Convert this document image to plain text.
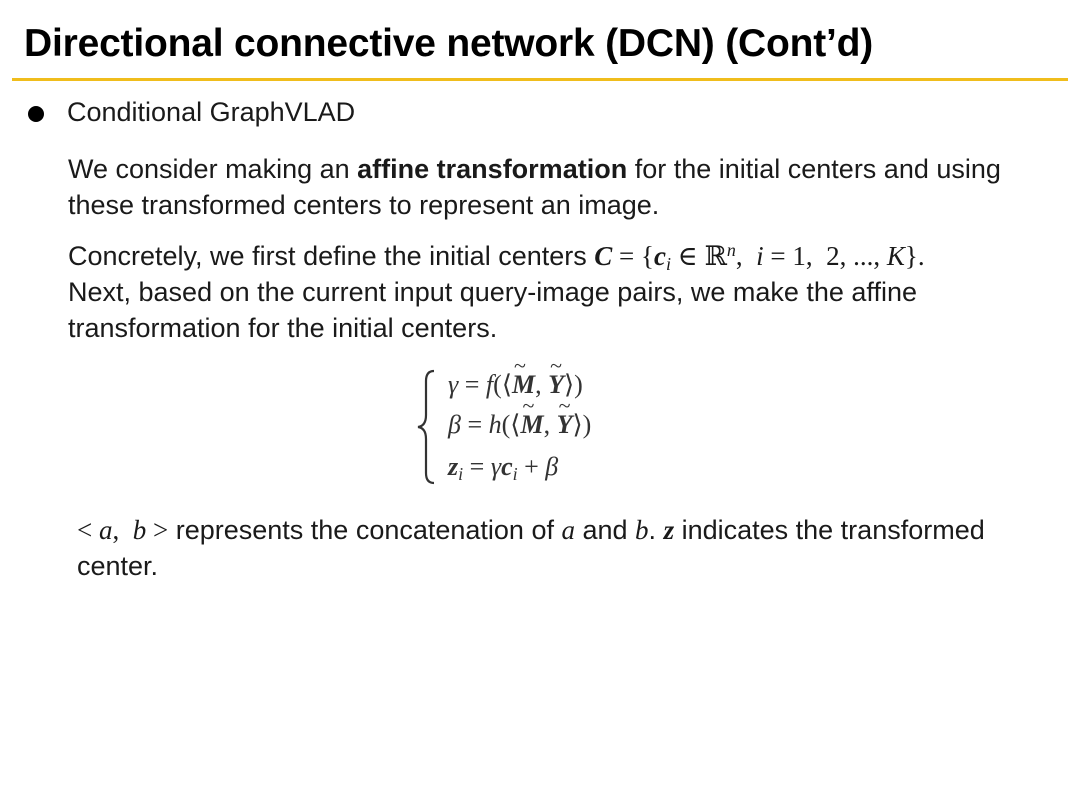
Directional connective network (DCN) (Cont’d)
Conditional GraphVLAD
We consider making an affine transformation for the initial centers and using these transformed centers to represent an image.
Concretely, we first define the initial centers $C = \{c_i$ ∈ ℝ$^n$,  i = 1,  2, ..., K}.
Next, based on the current input query-image pairs, we make the affine transformation for the initial centers.
γ = f(⟨~ M, ~ Y⟩)
β = h(⟨~ M, ~ Y⟩)
$z_i = \gamma c_i + \beta$
< a,  b > represents the concatenation of a and b. z indicates the transformed center.
